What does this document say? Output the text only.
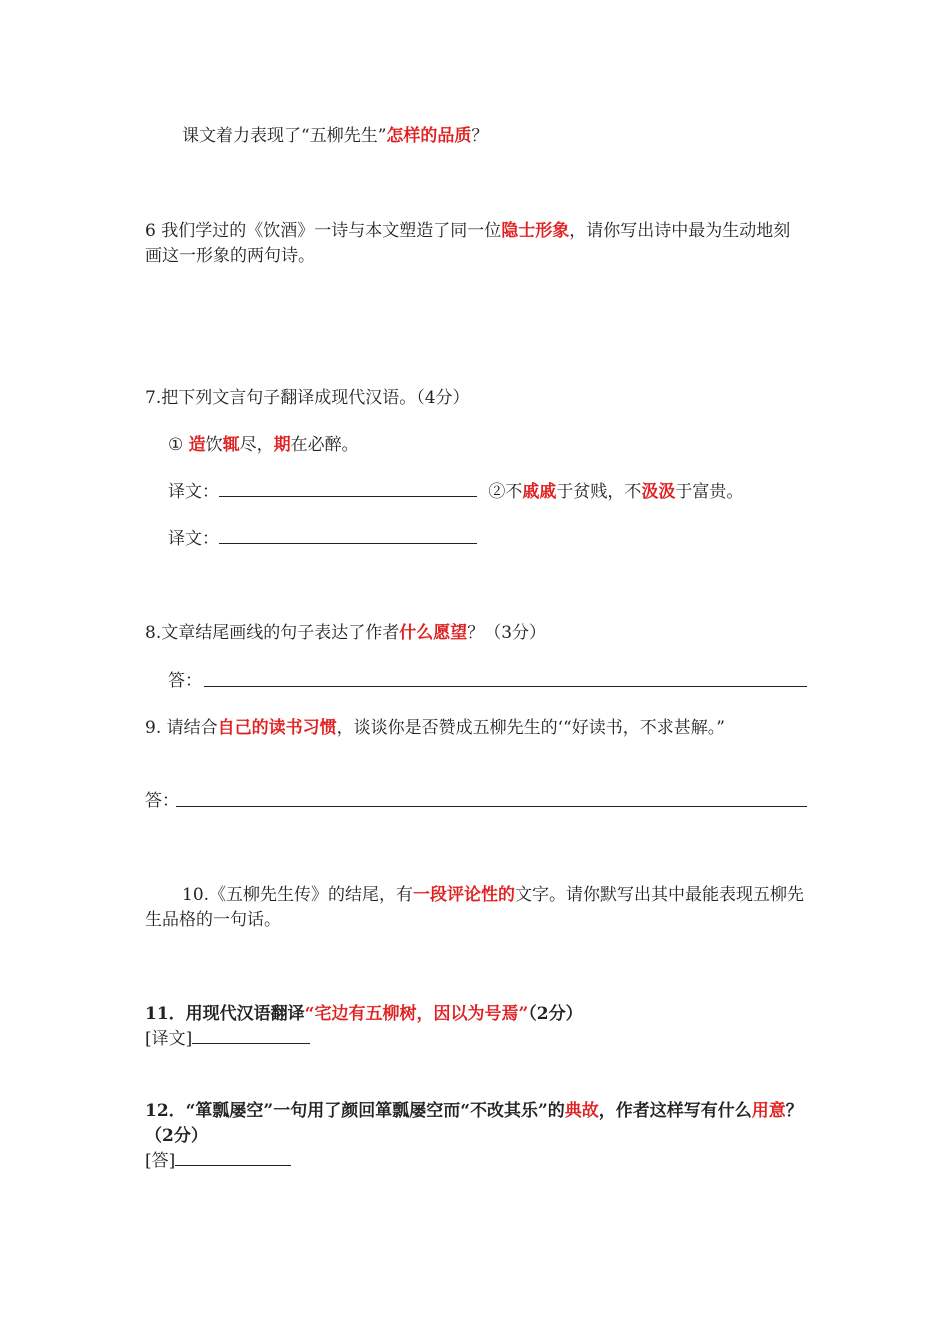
课文着力表现了“五柳先生”怎样的品质？

6 我们学过的《饮酒》一诗与本文塑造了同一位隐士形象，请你写出诗中最为生动地刻画这一形象的两句诗。

7.把下列文言句子翻译成现代汉语。（4分）

① 造饮辄尽，期在必醉。

译文：	②不戚戚于贫贱，不汲汲于富贵。

译文：

8.文章结尾画线的句子表达了作者什么愿望？（3分）

答：

9. 请结合自己的读书习惯，谈谈你是否赞成五柳先生的‘“好读书，不求甚解。”

答：

10.《五柳先生传》的结尾，有一段评论性的文字。请你默写出其中最能表现五柳先生品格的一句话。

11．用现代汉语翻译“宅边有五柳树，因以为号焉”（2分）

[译文]

12．“箪瓢屡空”一句用了颜回箪瓢屡空而“不改其乐”的典故，作者这样写有什么用意？（2分）

[答]
